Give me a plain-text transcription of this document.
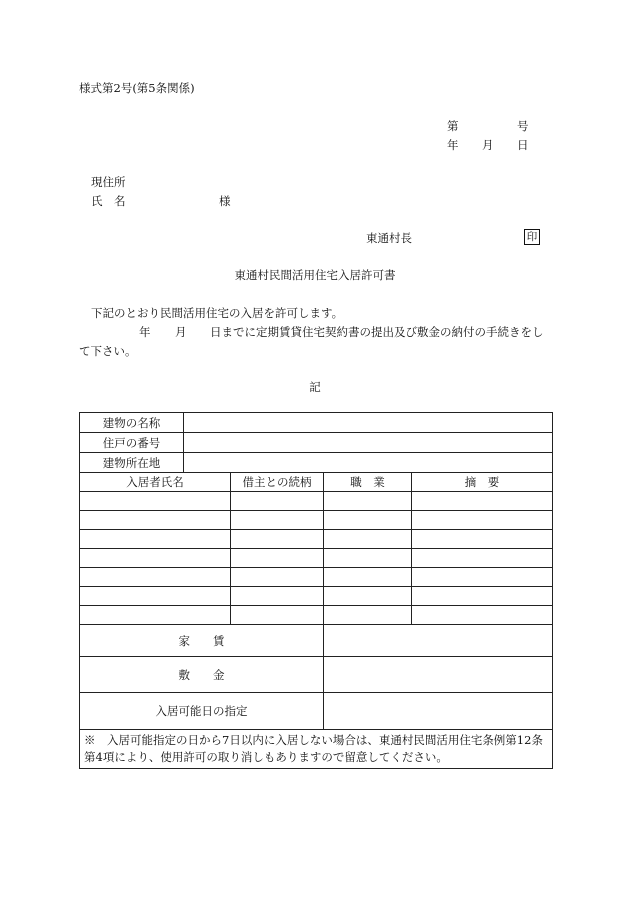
様式第2号(第5条関係)
第	号
年 月 日
現住所
氏　名	様
東通村長	印
東通村民間活用住宅入居許可書
下記のとおり民間活用住宅の入居を許可します。
年 月 日までに定期賃貸住宅契約書の提出及び敷金の納付の手続きをし
て下さい。
記
建物の名称				
住戸の番号				
建物所在地				
入居者氏名		借主との続柄	職　業	摘　要

家　　賃				
敷　　金				
入居可能日の指定				
※　入居可能指定の日から7日以内に入居しない場合は、東通村民間活用住宅条例第12条第4項により、使用許可の取り消しもありますので留意してください。				
